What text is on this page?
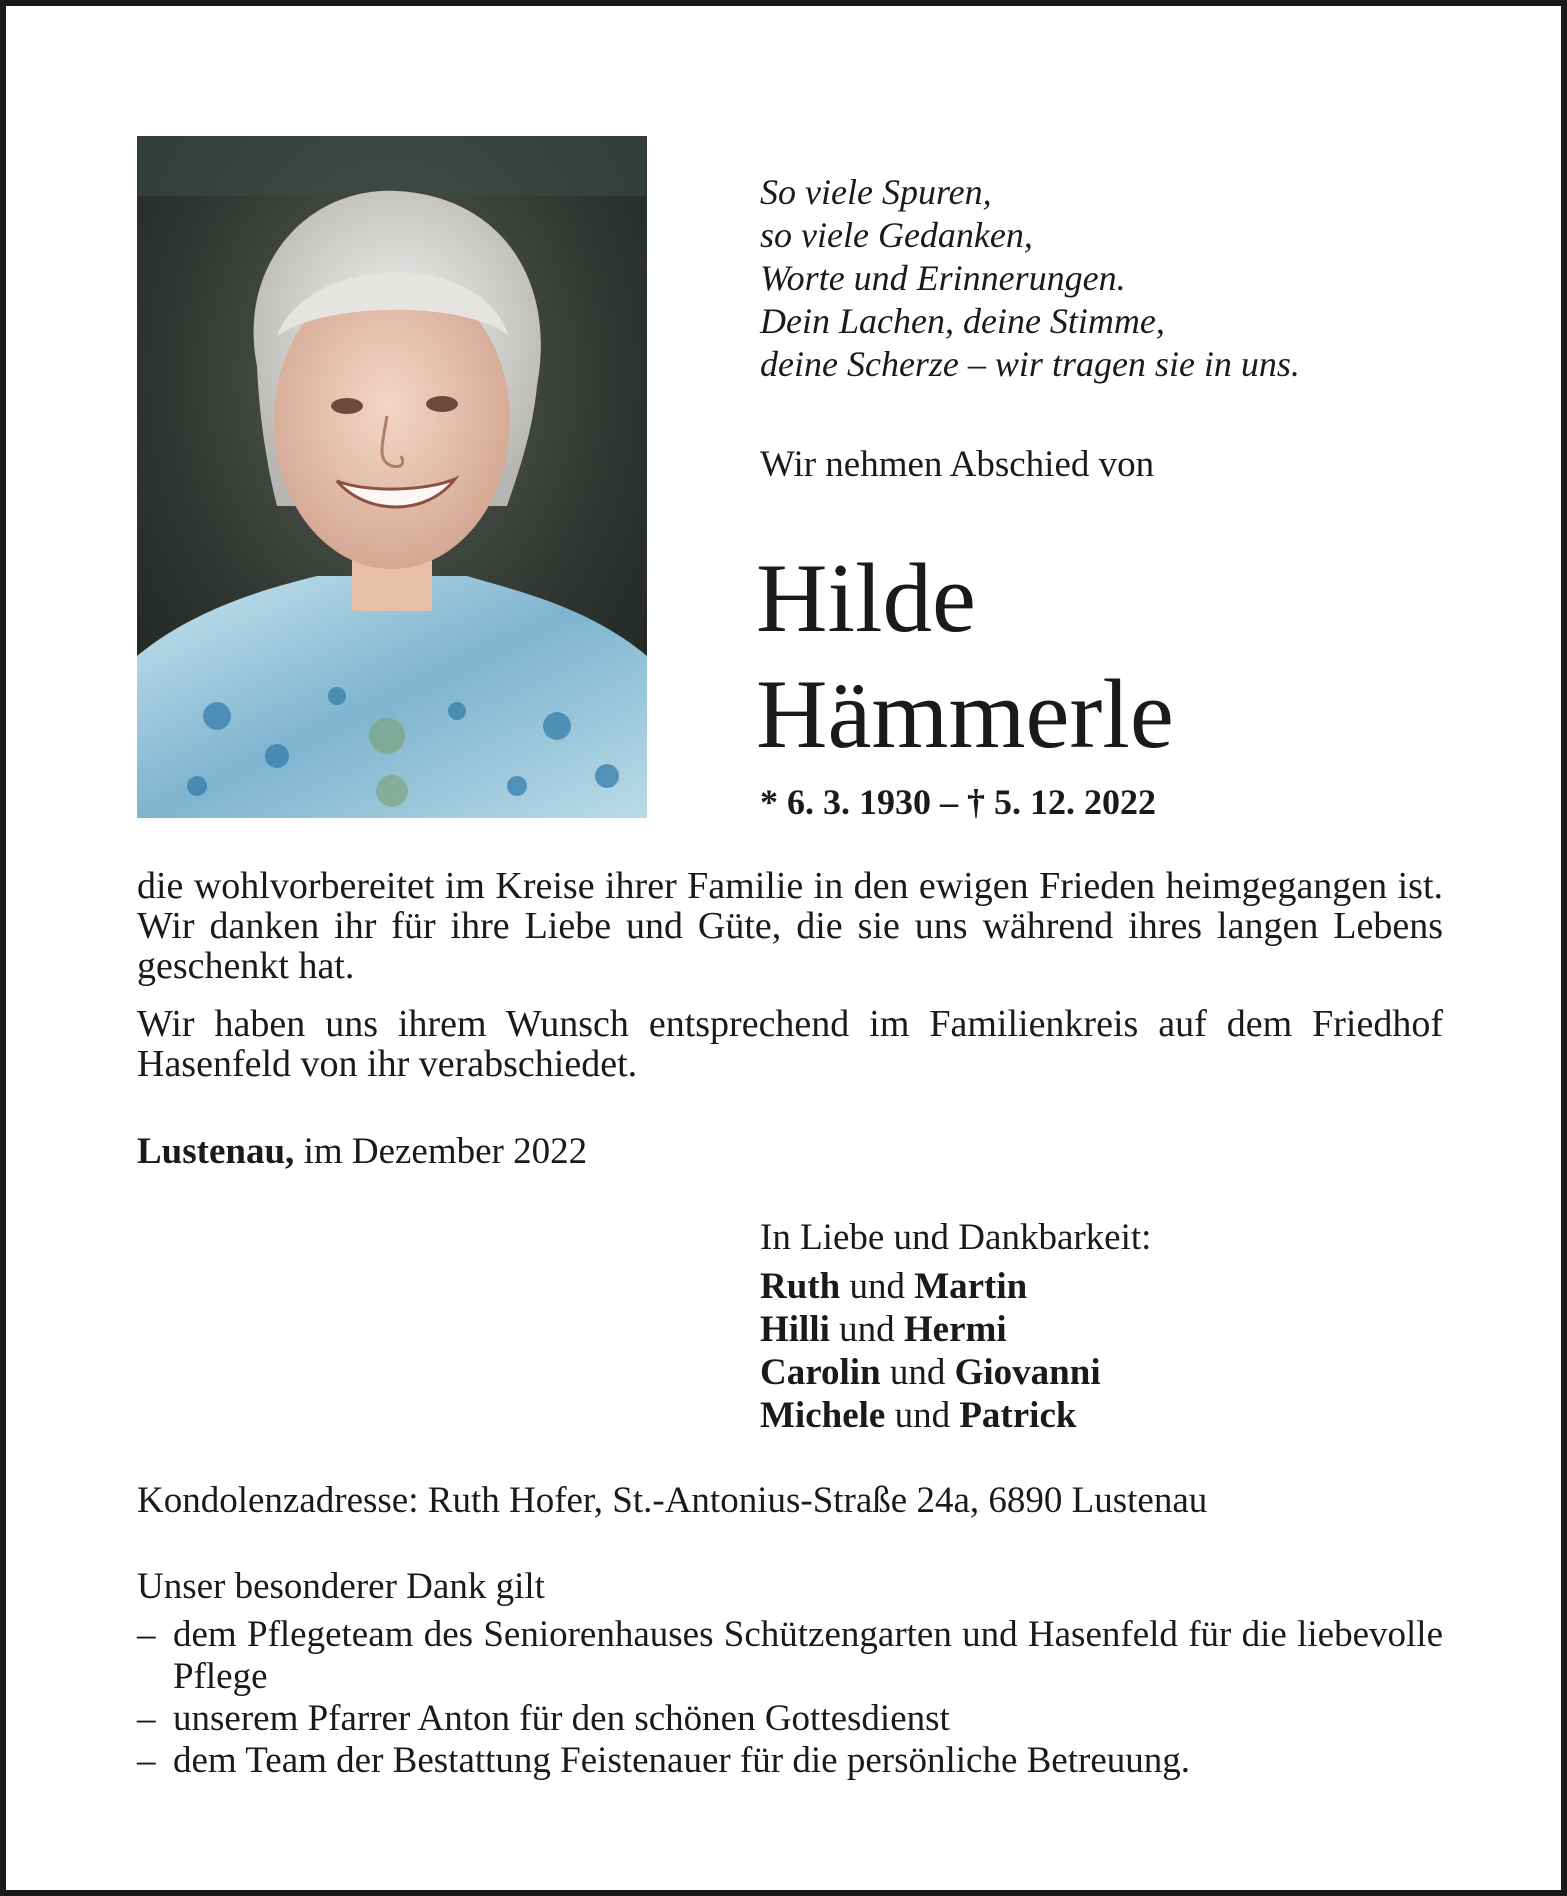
So viele Spuren,
so viele Gedanken,
Worte und Erinnerungen.
Dein Lachen, deine Stimme,
deine Scherze – wir tragen sie in uns.
Wir nehmen Abschied von
Hilde
Hämmerle
* 6. 3. 1930 – † 5. 12. 2022
die wohlvorbereitet im Kreise ihrer Familie in den ewigen Frieden heimgegangen ist. Wir danken ihr für ihre Liebe und Güte, die sie uns während ihres langen Lebens geschenkt hat.
Wir haben uns ihrem Wunsch entsprechend im Familienkreis auf dem Friedhof Hasenfeld von ihr verabschiedet.
Lustenau, im Dezember 2022
In Liebe und Dankbarkeit:
Ruth und Martin
Hilli und Hermi
Carolin und Giovanni
Michele und Patrick
Kondolenzadresse: Ruth Hofer, St.-Antonius-Straße 24a, 6890 Lustenau
Unser besonderer Dank gilt
– dem Pflegeteam des Seniorenhauses Schützengarten und Hasenfeld für die liebevolle Pflege
– unserem Pfarrer Anton für den schönen Gottesdienst
– dem Team der Bestattung Feistenauer für die persönliche Betreuung.
